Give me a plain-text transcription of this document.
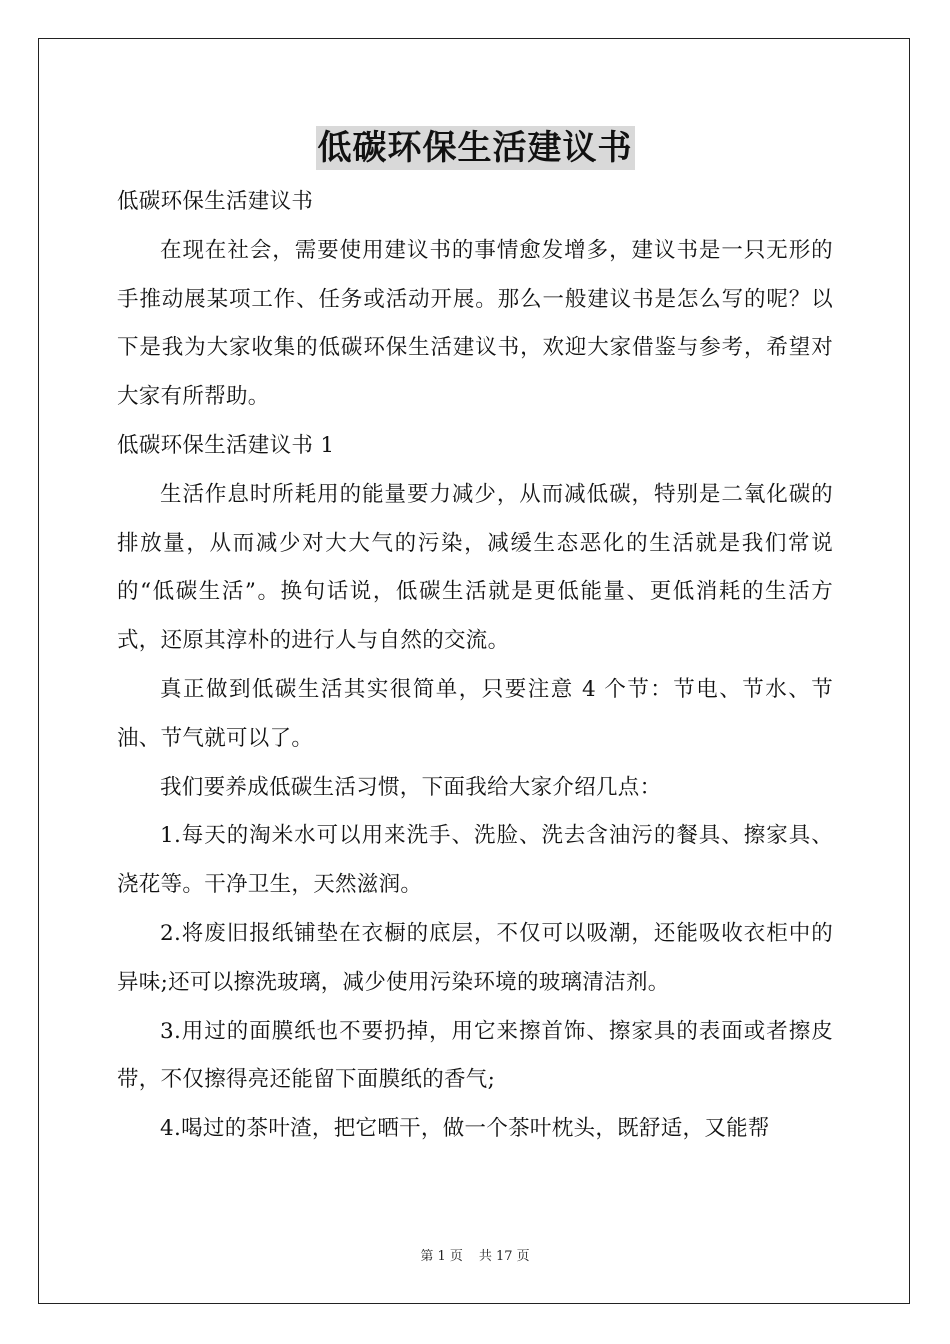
低碳环保生活建议书

低碳环保生活建议书

在现在社会，需要使用建议书的事情愈发增多，建议书是一只无形的手推动展某项工作、任务或活动开展。那么一般建议书是怎么写的呢？以下是我为大家收集的低碳环保生活建议书，欢迎大家借鉴与参考，希望对大家有所帮助。

低碳环保生活建议书 1

生活作息时所耗用的能量要力减少，从而减低碳，特别是二氧化碳的排放量，从而减少对大大气的污染，减缓生态恶化的生活就是我们常说的“低碳生活”。换句话说，低碳生活就是更低能量、更低消耗的生活方式，还原其淳朴的进行人与自然的交流。

真正做到低碳生活其实很简单，只要注意 4 个节：节电、节水、节油、节气就可以了。

我们要养成低碳生活习惯，下面我给大家介绍几点：

1.每天的淘米水可以用来洗手、洗脸、洗去含油污的餐具、擦家具、浇花等。干净卫生，天然滋润。

2.将废旧报纸铺垫在衣橱的底层，不仅可以吸潮，还能吸收衣柜中的异味;还可以擦洗玻璃，减少使用污染环境的玻璃清洁剂。

3.用过的面膜纸也不要扔掉，用它来擦首饰、擦家具的表面或者擦皮带，不仅擦得亮还能留下面膜纸的香气;

4.喝过的茶叶渣，把它晒干，做一个茶叶枕头，既舒适，又能帮

第 1 页 共 17 页
